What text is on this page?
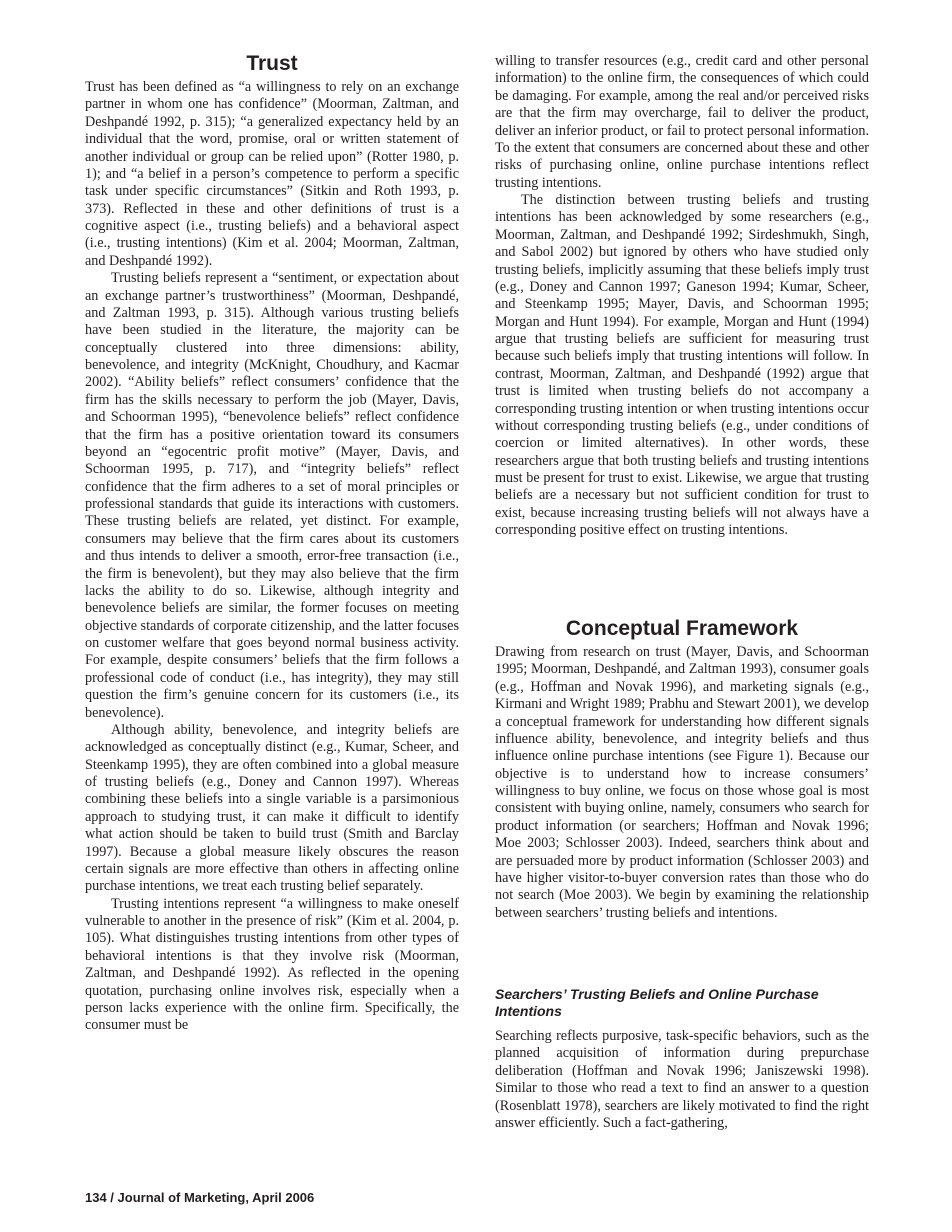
Trust

Trust has been defined as “a willingness to rely on an exchange partner in whom one has confidence” (Moorman, Zaltman, and Deshpandé 1992, p. 315); “a generalized expectancy held by an individual that the word, promise, oral or written statement of another individual or group can be relied upon” (Rotter 1980, p. 1); and “a belief in a person’s competence to perform a specific task under specific circumstances” (Sitkin and Roth 1993, p. 373). Reflected in these and other definitions of trust is a cognitive aspect (i.e., trusting beliefs) and a behavioral aspect (i.e., trusting intentions) (Kim et al. 2004; Moorman, Zaltman, and Deshpandé 1992).

Trusting beliefs represent a “sentiment, or expectation about an exchange partner’s trustworthiness” (Moorman, Deshpandé, and Zaltman 1993, p. 315). Although various trusting beliefs have been studied in the literature, the majority can be conceptually clustered into three dimensions: ability, benevolence, and integrity (McKnight, Choudhury, and Kacmar 2002). “Ability beliefs” reflect consumers’ confidence that the firm has the skills necessary to perform the job (Mayer, Davis, and Schoorman 1995), “benevolence beliefs” reflect confidence that the firm has a positive orientation toward its consumers beyond an “egocentric profit motive” (Mayer, Davis, and Schoorman 1995, p. 717), and “integrity beliefs” reflect confidence that the firm adheres to a set of moral principles or professional standards that guide its interactions with customers. These trusting beliefs are related, yet distinct. For example, consumers may believe that the firm cares about its customers and thus intends to deliver a smooth, error-free transaction (i.e., the firm is benevolent), but they may also believe that the firm lacks the ability to do so. Likewise, although integrity and benevolence beliefs are similar, the former focuses on meeting objective standards of corporate citizenship, and the latter focuses on customer welfare that goes beyond normal business activity. For example, despite consumers’ beliefs that the firm follows a professional code of conduct (i.e., has integrity), they may still question the firm’s genuine concern for its customers (i.e., its benevolence).

Although ability, benevolence, and integrity beliefs are acknowledged as conceptually distinct (e.g., Kumar, Scheer, and Steenkamp 1995), they are often combined into a global measure of trusting beliefs (e.g., Doney and Cannon 1997). Whereas combining these beliefs into a single variable is a parsimonious approach to studying trust, it can make it difficult to identify what action should be taken to build trust (Smith and Barclay 1997). Because a global measure likely obscures the reason certain signals are more effective than others in affecting online purchase intentions, we treat each trusting belief separately.

Trusting intentions represent “a willingness to make oneself vulnerable to another in the presence of risk” (Kim et al. 2004, p. 105). What distinguishes trusting intentions from other types of behavioral intentions is that they involve risk (Moorman, Zaltman, and Deshpandé 1992). As reflected in the opening quotation, purchasing online involves risk, especially when a person lacks experience with the online firm. Specifically, the consumer must be

willing to transfer resources (e.g., credit card and other personal information) to the online firm, the consequences of which could be damaging. For example, among the real and/or perceived risks are that the firm may overcharge, fail to deliver the product, deliver an inferior product, or fail to protect personal information. To the extent that consumers are concerned about these and other risks of purchasing online, online purchase intentions reflect trusting intentions.

The distinction between trusting beliefs and trusting intentions has been acknowledged by some researchers (e.g., Moorman, Zaltman, and Deshpandé 1992; Sirdeshmukh, Singh, and Sabol 2002) but ignored by others who have studied only trusting beliefs, implicitly assuming that these beliefs imply trust (e.g., Doney and Cannon 1997; Ganeson 1994; Kumar, Scheer, and Steenkamp 1995; Mayer, Davis, and Schoorman 1995; Morgan and Hunt 1994). For example, Morgan and Hunt (1994) argue that trusting beliefs are sufficient for measuring trust because such beliefs imply that trusting intentions will follow. In contrast, Moorman, Zaltman, and Deshpandé (1992) argue that trust is limited when trusting beliefs do not accompany a corresponding trusting intention or when trusting intentions occur without corresponding trusting beliefs (e.g., under conditions of coercion or limited alternatives). In other words, these researchers argue that both trusting beliefs and trusting intentions must be present for trust to exist. Likewise, we argue that trusting beliefs are a necessary but not sufficient condition for trust to exist, because increasing trusting beliefs will not always have a corresponding positive effect on trusting intentions.

Conceptual Framework

Drawing from research on trust (Mayer, Davis, and Schoorman 1995; Moorman, Deshpandé, and Zaltman 1993), consumer goals (e.g., Hoffman and Novak 1996), and marketing signals (e.g., Kirmani and Wright 1989; Prabhu and Stewart 2001), we develop a conceptual framework for understanding how different signals influence ability, benevolence, and integrity beliefs and thus influence online purchase intentions (see Figure 1). Because our objective is to understand how to increase consumers’ willingness to buy online, we focus on those whose goal is most consistent with buying online, namely, consumers who search for product information (or searchers; Hoffman and Novak 1996; Moe 2003; Schlosser 2003). Indeed, searchers think about and are persuaded more by product information (Schlosser 2003) and have higher visitor-to-buyer conversion rates than those who do not search (Moe 2003). We begin by examining the relationship between searchers’ trusting beliefs and intentions.

Searchers’ Trusting Beliefs and Online Purchase Intentions

Searching reflects purposive, task-specific behaviors, such as the planned acquisition of information during prepurchase deliberation (Hoffman and Novak 1996; Janiszewski 1998). Similar to those who read a text to find an answer to a question (Rosenblatt 1978), searchers are likely motivated to find the right answer efficiently. Such a fact-gathering,

134 / Journal of Marketing, April 2006
